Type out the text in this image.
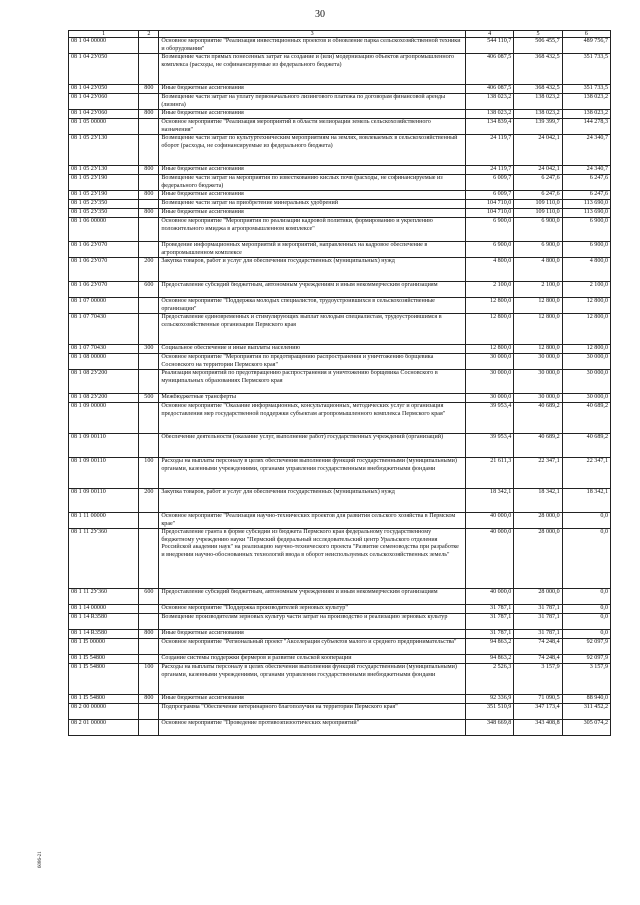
30
1	2	3	4	5	6
08 1 04 00000		Основное мероприятие "Реализация инвестиционных проектов и обновление парка сельскохозяйственной техники и оборудования"	544 110,7	506 455,7	489 756,7
08 1 04 2У050		Возмещение части прямых понесенных затрат на создание и (или) модернизацию объектов агропромышленного комплекса (расходы, не софинансируемые из федерального бюджета)	406 087,5	368 432,5	351 733,5
08 1 04 2У050	800	Иные бюджетные ассигнования	406 087,5	368 432,5	351 733,5
08 1 04 2У060		Возмещение части затрат на уплату первоначального лизингового платежа по договорам финансовой аренды (лизинга)	138 023,2	138 023,2	138 023,2
08 1 04 2У060	800	Иные бюджетные ассигнования	138 023,2	138 023,2	138 023,2
08 1 05 00000		Основное мероприятие "Реализация мероприятий в области мелиорации земель сельскохозяйственного назначения"	134 839,4	139 399,7	144 278,3
08 1 05 2У130		Возмещение части затрат по культуртехническим мероприятиям на землях, вовлекаемых в сельскохозяйственный оборот (расходы, не софинансируемые из федерального бюджета)	24 119,7	24 042,1	24 340,7
08 1 05 2У130	800	Иные бюджетные ассигнования	24 119,7	24 042,1	24 340,7
08 1 05 2У190		Возмещение части затрат на мероприятия по известкованию кислых почв (расходы, не софинансируемые из федерального бюджета)	6 009,7	6 247,6	6 247,6
08 1 05 2У190	800	Иные бюджетные ассигнования	6 009,7	6 247,6	6 247,6
08 1 05 2У350		Возмещение части затрат на приобретение минеральных удобрений	104 710,0	109 110,0	113 690,0
08 1 05 2У350	800	Иные бюджетные ассигнования	104 710,0	109 110,0	113 690,0
08 1 06 00000		Основное мероприятие "Мероприятия по реализации кадровой политики, формированию и укреплению положительного имиджа в агропромышленном комплексе"	6 900,0	6 900,0	6 900,0
08 1 06 2У070		Проведение информационных мероприятий и мероприятий, направленных на кадровое обеспечение в агропромышленном комплексе	6 900,0	6 900,0	6 900,0
08 1 06 2У070	200	Закупка товаров, работ и услуг для обеспечения государственных (муниципальных) нужд	4 800,0	4 800,0	4 800,0
08 1 06 2У070	600	Предоставление субсидий бюджетным, автономным учреждениям и иным некоммерческим организациям	2 100,0	2 100,0	2 100,0
08 1 07 00000		Основное мероприятие "Поддержка молодых специалистов, трудоустроившихся в сельскохозяйственные организации"	12 800,0	12 800,0	12 800,0
08 1 07 70430		Предоставление единовременных и стимулирующих выплат молодым специалистам, трудоустроившимся в сельскохозяйственные организации Пермского края	12 800,0	12 800,0	12 800,0
08 1 07 70430	300	Социальное обеспечение и иные выплаты населению	12 800,0	12 800,0	12 800,0
08 1 08 00000		Основное мероприятие "Мероприятия по предотвращению распространения и уничтожению борщевика Сосновского на территории Пермского края"	30 000,0	30 000,0	30 000,0
08 1 08 2У200		Реализация мероприятий по предотвращению распространения и уничтожению борщевика Сосновского в муниципальных образованиях Пермского края	30 000,0	30 000,0	30 000,0
08 1 08 2У200	500	Межбюджетные трансферты	30 000,0	30 000,0	30 000,0
08 1 09 00000		Основное мероприятие "Оказание информационных, консультационных, методических услуг и организация предоставления мер государственной поддержки субъектам агропромышленного комплекса Пермского края"	39 953,4	40 689,2	40 689,2
08 1 09 00110		Обеспечение деятельности (оказание услуг, выполнение работ) государственных учреждений (организаций)	39 953,4	40 689,2	40 689,2
08 1 09 00110	100	Расходы на выплаты персоналу в целях обеспечения выполнения функций государственными (муниципальными) органами, казенными учреждениями, органами управления государственными внебюджетными фондами	21 611,3	22 347,1	22 347,1
08 1 09 00110	200	Закупка товаров, работ и услуг для обеспечения государственных (муниципальных) нужд	18 342,1	18 342,1	18 342,1
08 1 11 00000		Основное мероприятие "Реализация научно-технических проектов для развития сельского хозяйства в Пермском крае"	40 000,0	28 000,0	0,0
08 1 11 2У360		Предоставление гранта в форме субсидии из бюджета Пермского края федеральному государственному бюджетному учреждению науки "Пермский федеральный исследовательский центр Уральского отделения Российской академии наук" на реализацию научно-технического проекта "Развитие семеноводства при разработке и внедрении научно-обоснованных технологий ввода в оборот неиспользуемых сельскохозяйственных земель"	40 000,0	28 000,0	0,0
08 1 11 2У360	600	Предоставление субсидий бюджетным, автономным учреждениям и иным некоммерческим организациям	40 000,0	28 000,0	0,0
08 1 14 00000		Основное мероприятие "Поддержка производителей зерновых культур"	31 787,1	31 787,1	0,0
08 1 14 R3580		Возмещение производителям зерновых культур части затрат на производство и реализацию зерновых культур	31 787,1	31 787,1	0,0
08 1 14 R3580	800	Иные бюджетные ассигнования	31 787,1	31 787,1	0,0
08 1 I5 00000		Основное мероприятие "Региональный проект "Акселерация субъектов малого и среднего предпринимательства"	94 863,2	74 248,4	92 097,9
08 1 I5 54800		Создание системы поддержки фермеров и развитие сельской кооперации	94 863,2	74 248,4	92 097,9
08 1 I5 54800	100	Расходы на выплаты персоналу в целях обеспечения выполнения функций государственными (муниципальными) органами, казенными учреждениями, органами управления государственными внебюджетными фондами	2 526,3	3 157,9	3 157,9
08 1 I5 54800	800	Иные бюджетные ассигнования	92 336,9	71 090,5	88 940,0
08 2 00 00000		Подпрограмма "Обеспечение ветеринарного благополучия на территории Пермского края"	351 510,9	347 173,4	311 452,2
08 2 01 00000		Основное мероприятие "Проведение противоэпизоотических мероприятий"	348 669,8	343 408,8	305 074,2
6086-21
